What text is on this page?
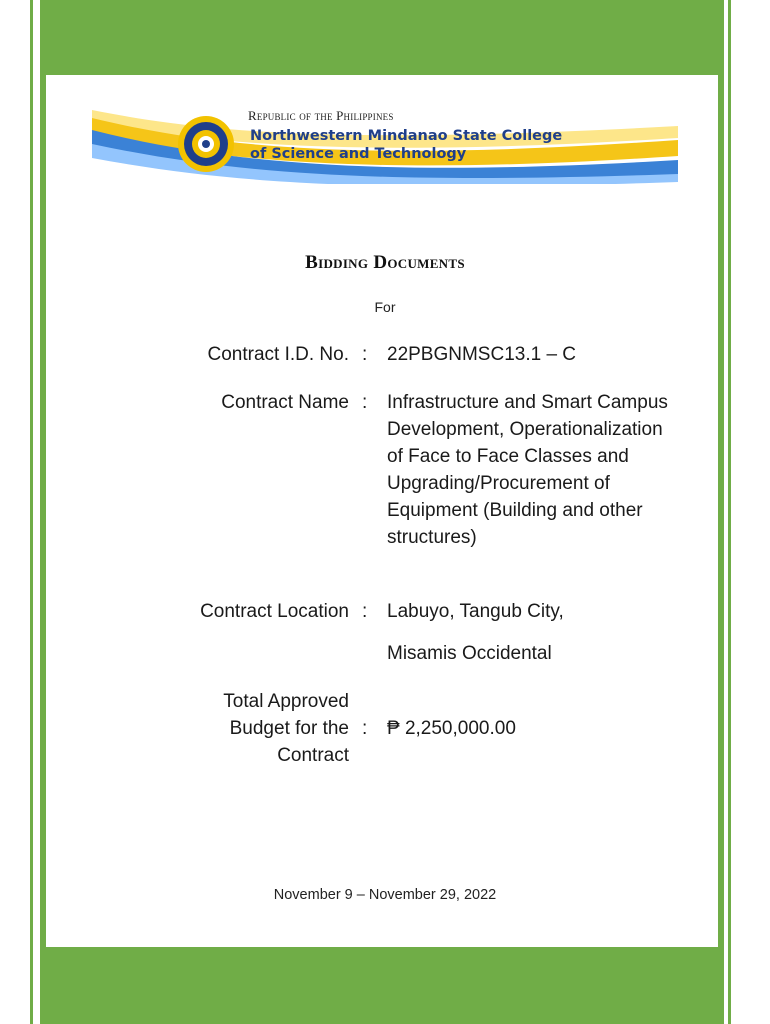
Republic of the Philippines
Northwestern Mindanao State College
of Science and Technology
Bidding Documents
For
Contract I.D. No. : 22PBGNMSC13.1 – C
Contract Name : Infrastructure and Smart Campus Development, Operationalization of Face to Face Classes and Upgrading/Procurement of Equipment (Building and other structures)
Contract Location : Labuyo, Tangub City,
Misamis Occidental
Total Approved
Budget for the
Contract
: ₱ 2,250,000.00
November 9 – November 29, 2022
